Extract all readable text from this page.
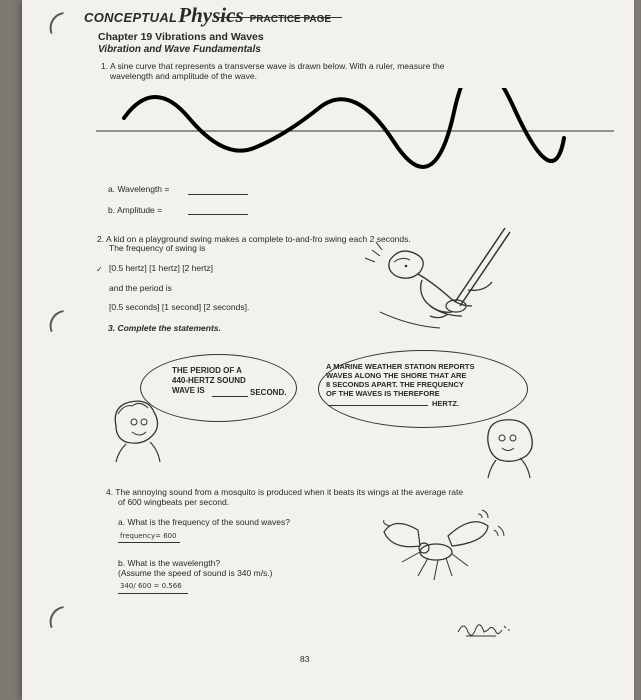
CONCEPTUALPhysics PRACTICE PAGE
Chapter 19 Vibrations and Waves
Vibration and Wave Fundamentals
1. A sine curve that represents a transverse wave is drawn below. With a ruler, measure the
wavelength and amplitude of the wave.
a. Wavelength =
b. Amplitude =
2. A kid on a playground swing makes a complete to-and-fro swing each 2 seconds.
The frequency of swing is
✓ [0.5 hertz] [1 hertz] [2 hertz]
and the period is
[0.5 seconds] [1 second] [2 seconds].
3. Complete the statements.
THE PERIOD OF A
440-HERTZ SOUND
WAVE IS	SECOND.
A MARINE WEATHER STATION REPORTS
WAVES ALONG THE SHORE THAT ARE
8 SECONDS APART. THE FREQUENCY
OF THE WAVES IS THEREFORE
HERTZ.
4. The annoying sound from a mosquito is produced when it beats its wings at the average rate
of 600 wingbeats per second.
a. What is the frequency of the sound waves?
frequency= 600
b. What is the wavelength?
(Assume the speed of sound is 340 m/s.)
340/ 600 = 0.566
83
